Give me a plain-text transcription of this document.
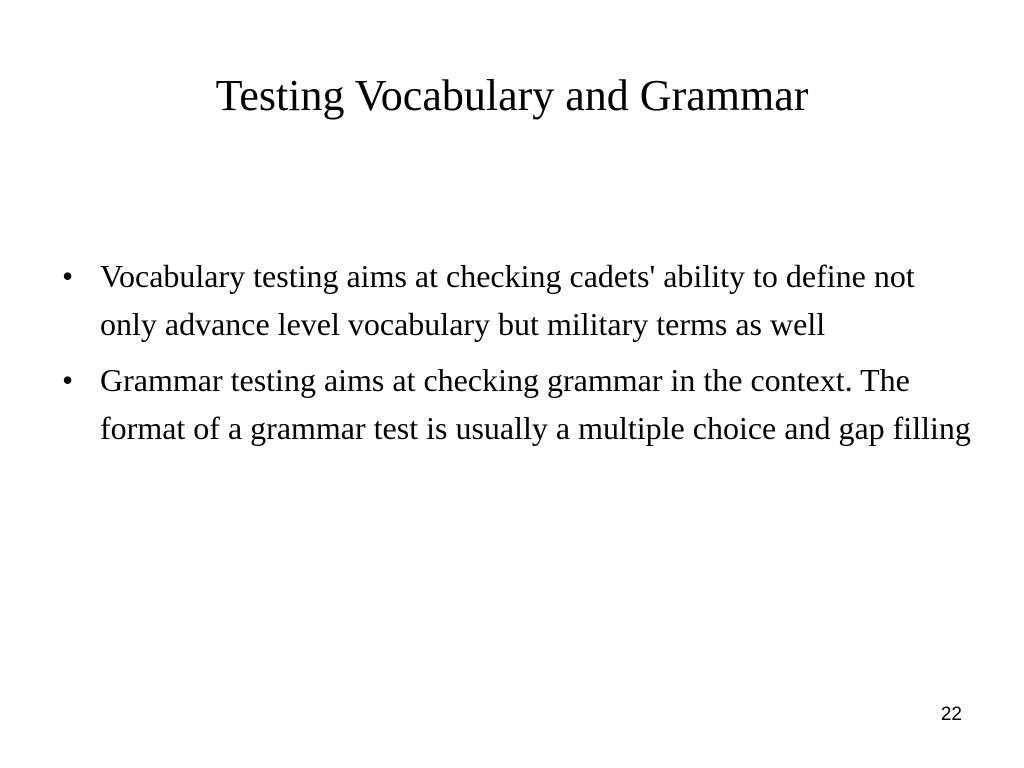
Testing Vocabulary and Grammar
• Vocabulary testing aims at checking cadets' ability to define not only advance level vocabulary but military terms as well
• Grammar testing aims at checking grammar in the context. The format of a grammar test is usually a multiple choice and gap filling
22
